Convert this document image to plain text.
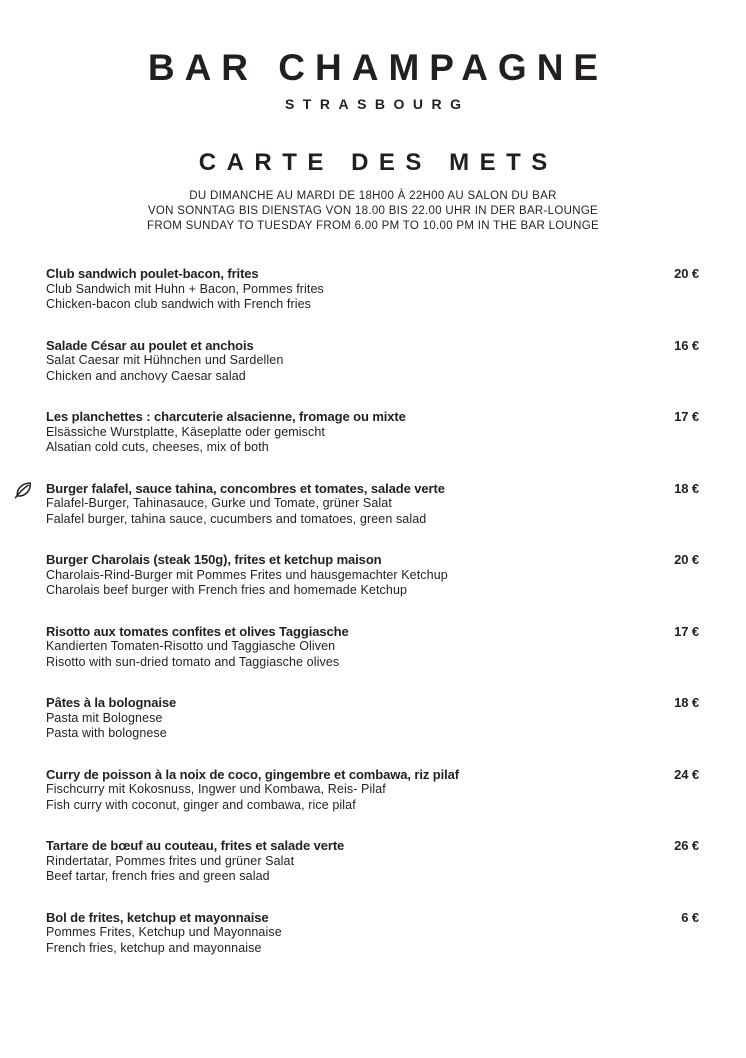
BAR CHAMPAGNE
STRASBOURG
CARTE DES METS
DU DIMANCHE AU MARDI DE 18H00 À 22H00 AU SALON DU BAR
VON SONNTAG BIS DIENSTAG VON 18.00 BIS 22.00 UHR IN DER BAR-LOUNGE
FROM SUNDAY TO TUESDAY FROM 6.00 PM TO 10.00 PM IN THE BAR LOUNGE
Club sandwich poulet-bacon, frites	20 €
Club Sandwich mit Huhn + Bacon, Pommes frites
Chicken-bacon club sandwich with French fries
Salade César au poulet et anchois	16 €
Salat Caesar mit Hühnchen und Sardellen
Chicken and anchovy Caesar salad
Les planchettes : charcuterie alsacienne, fromage ou mixte	17 €
Elsässiche Wurstplatte, Käseplatte oder gemischt
Alsatian cold cuts, cheeses, mix of both
Burger falafel, sauce tahina, concombres et tomates, salade verte	18 €
Falafel-Burger, Tahinasauce, Gurke und Tomate, grüner Salat
Falafel burger, tahina sauce, cucumbers and tomatoes, green salad
Burger Charolais (steak 150g), frites et ketchup maison	20 €
Charolais-Rind-Burger mit Pommes Frites und hausgemachter Ketchup
Charolais beef burger with French fries and homemade Ketchup
Risotto aux tomates confites et olives Taggiasche	17 €
Kandierten Tomaten-Risotto und Taggiasche Oliven
Risotto with sun-dried tomato and Taggiasche olives
Pâtes à la bolognaise	18 €
Pasta mit Bolognese
Pasta with bolognese
Curry de poisson à la noix de coco, gingembre et combawa, riz pilaf	24 €
Fischcurry mit Kokosnuss, Ingwer und Kombawa, Reis- Pilaf
Fish curry with coconut, ginger and combawa, rice pilaf
Tartare de bœuf au couteau, frites et salade verte	26 €
Rindertatar, Pommes frites und grüner Salat
Beef tartar, french fries and green salad
Bol de frites, ketchup et mayonnaise	6 €
Pommes Frites, Ketchup und Mayonnaise
French fries, ketchup and mayonnaise
